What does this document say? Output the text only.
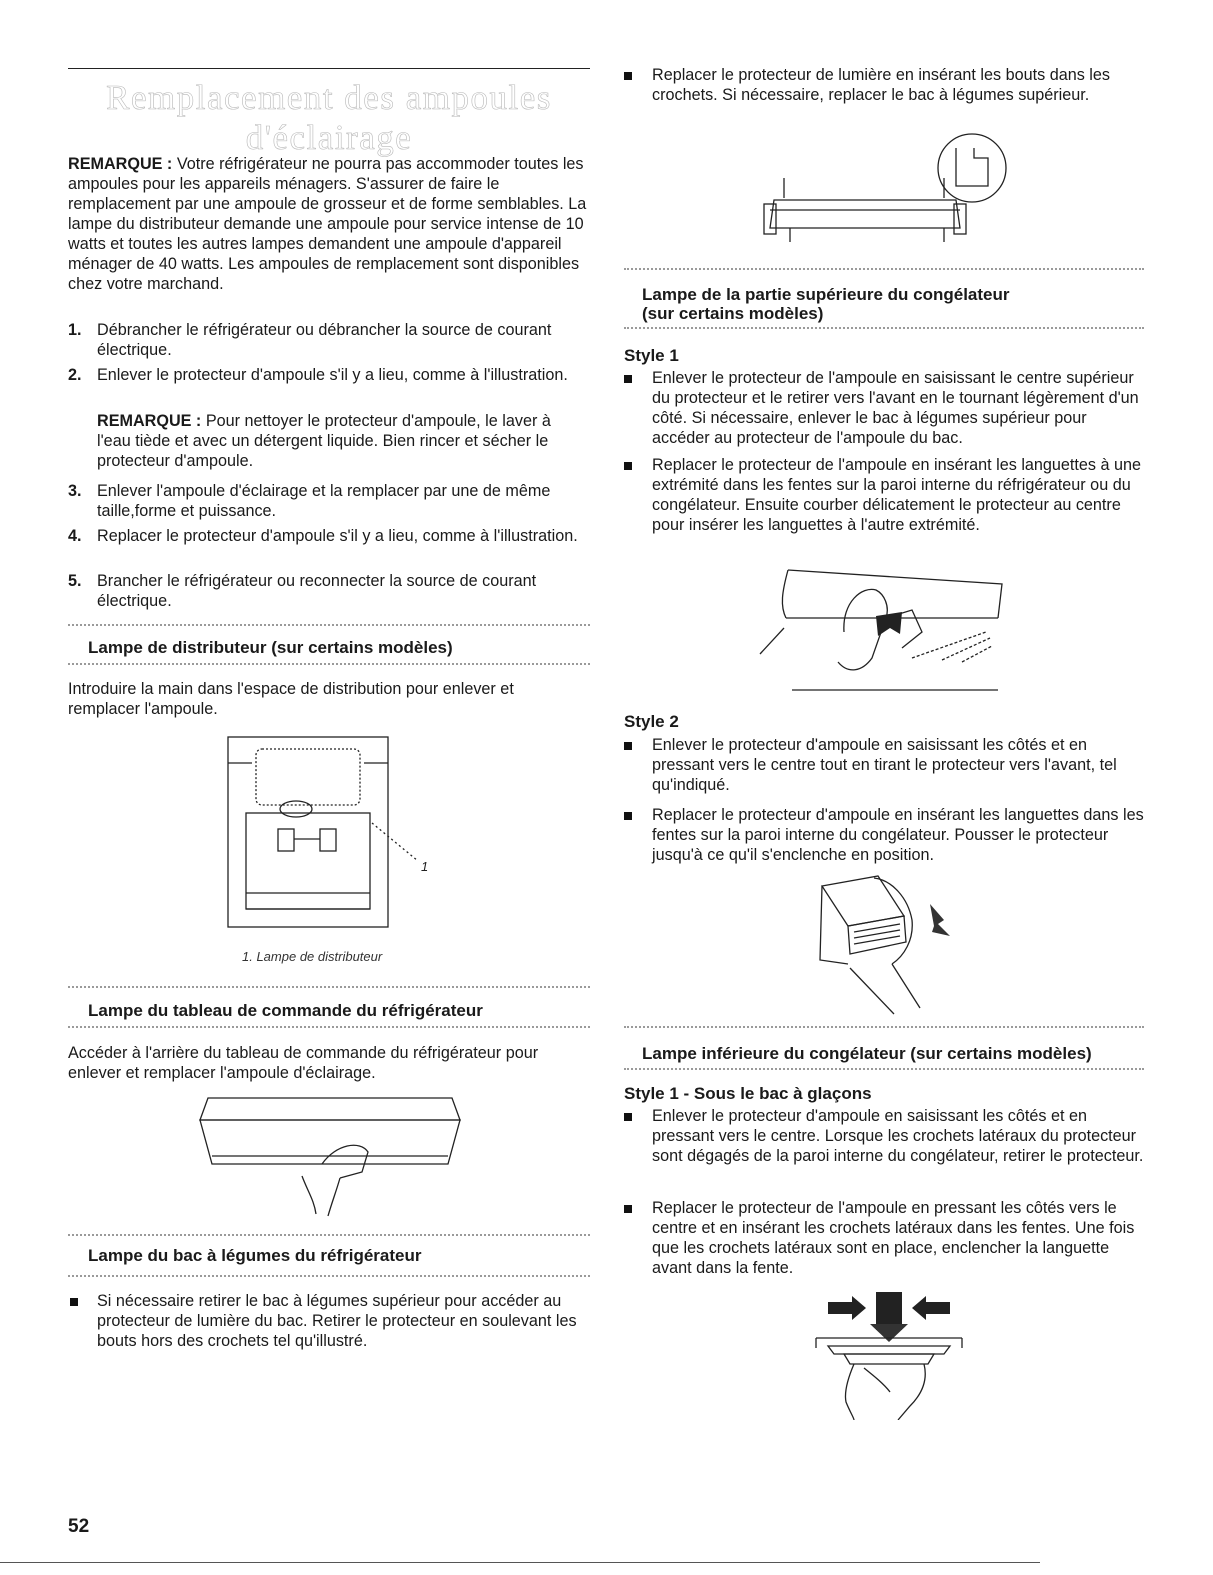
Remplacement des ampoules d'éclairage

REMARQUE : Votre réfrigérateur ne pourra pas accommoder toutes les ampoules pour les appareils ménagers. S'assurer de faire le remplacement par une ampoule de grosseur et de forme semblables. La lampe du distributeur demande une ampoule pour service intense de 10 watts et toutes les autres lampes demandent une ampoule d'appareil ménager de 40 watts. Les ampoules de remplacement sont disponibles chez votre marchand.

1. Débrancher le réfrigérateur ou débrancher la source de courant électrique.

2. Enlever le protecteur d'ampoule s'il y a lieu, comme à l'illustration.

REMARQUE : Pour nettoyer le protecteur d'ampoule, le laver à l'eau tiède et avec un détergent liquide. Bien rincer et sécher le protecteur d'ampoule.

3. Enlever l'ampoule d'éclairage et la remplacer par une de même taille,forme et puissance.

4. Replacer le protecteur d'ampoule s'il y a lieu, comme à l'illustration.

5. Brancher le réfrigérateur ou reconnecter la source de courant électrique.

Lampe de distributeur (sur certains modèles)

Introduire la main dans l'espace de distribution pour enlever et remplacer l'ampoule.

1
1. Lampe de distributeur
Lampe du tableau de commande du réfrigérateur

Accéder à l'arrière du tableau de commande du réfrigérateur pour enlever et remplacer l'ampoule d'éclairage.

Lampe du bac à légumes du réfrigérateur

Si nécessaire retirer le bac à légumes supérieur pour accéder au protecteur de lumière du bac. Retirer le protecteur en soulevant les bouts hors des crochets tel qu'illustré.

Replacer le protecteur de lumière en insérant les bouts dans les crochets. Si nécessaire, replacer le bac à légumes supérieur.

Lampe de la partie supérieure du congélateur
(sur certains modèles)
Style 1

Enlever le protecteur de l'ampoule en saisissant le centre supérieur du protecteur et le retirer vers l'avant en le tournant légèrement d'un côté. Si nécessaire, enlever le bac à légumes supérieur pour accéder au protecteur de l'ampoule du bac.

Replacer le protecteur de l'ampoule en insérant les languettes à une extrémité dans les fentes sur la paroi interne du réfrigérateur ou du congélateur. Ensuite courber délicatement le protecteur au centre pour insérer les languettes à l'autre extrémité.

Style 2

Enlever le protecteur d'ampoule en saisissant les côtés et en pressant vers le centre tout en tirant le protecteur vers l'avant, tel qu'indiqué.

Replacer le protecteur d'ampoule en insérant les languettes dans les fentes sur la paroi interne du congélateur. Pousser le protecteur jusqu'à ce qu'il s'enclenche en position.

Lampe inférieure du congélateur (sur certains modèles)
Style 1 - Sous le bac à glaçons

Enlever le protecteur d'ampoule en saisissant les côtés et en pressant vers le centre. Lorsque les crochets latéraux du protecteur sont dégagés de la paroi interne du congélateur, retirer le protecteur.

Replacer le protecteur de l'ampoule en pressant les côtés vers le centre et en insérant les crochets latéraux dans les fentes. Une fois que les crochets latéraux sont en place, enclencher la languette avant dans la fente.

52
